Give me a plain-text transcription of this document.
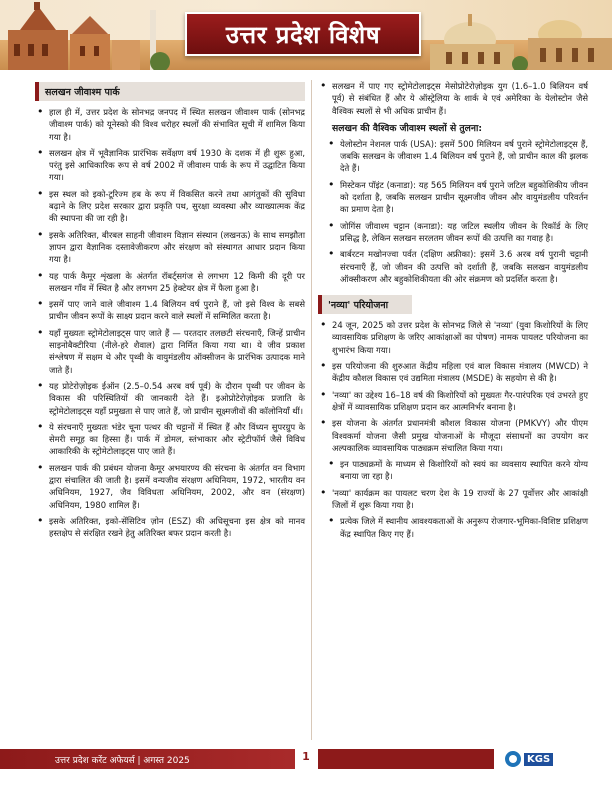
उत्तर प्रदेश विशेष
सलखन जीवाश्म पार्क
• हाल ही में, उत्तर प्रदेश के सोनभद्र जनपद में स्थित सलखन जीवाश्म पार्क (सोनभद्र जीवाश्म पार्क) को यूनेस्को की विश्व धरोहर स्थलों की संभावित सूची में शामिल किया गया है।
• सलखन क्षेत्र में भूवैज्ञानिक प्रारंभिक सर्वेक्षण वर्ष 1930 के दशक में ही शुरू हुआ, परंतु इसे आधिकारिक रूप से वर्ष 2002 में जीवाश्म पार्क के रूप में उद्घाटित किया गया।
• इस स्थल को इको-टूरिज्म हब के रूप में विकसित करने तथा आगंतुकों की सुविधा बढ़ाने के लिए प्रदेश सरकार द्वारा प्रकृति पथ, सुरक्षा व्यवस्था और व्याख्यात्मक केंद्र की स्थापना की जा रही है।
• इसके अतिरिक्त, बीरबल साहनी जीवाश्म विज्ञान संस्थान (लखनऊ) के साथ समझौता ज्ञापन द्वारा वैज्ञानिक दस्तावेजीकरण और संरक्षण को संस्थागत आधार प्रदान किया गया है।
• यह पार्क कैमूर शृंखला के अंतर्गत रॉबर्ट्सगंज से लगभग 12 किमी की दूरी पर सलखन गाँव में स्थित है और लगभग 25 हेक्टेयर क्षेत्र में फैला हुआ है।
• इसमें पाए जाने वाले जीवाश्म 1.4 बिलियन वर्ष पुराने हैं, जो इसे विश्व के सबसे प्राचीन जीवन रूपों के साक्ष्य प्रदान करने वाले स्थलों में सम्मिलित करता है।
• यहाँ मुख्यतः स्ट्रोमेटोलाइट्स पाए जाते हैं — परतदार तलछटी संरचनाएँ, जिन्हें प्राचीन साइनोबैक्टीरिया (नीले-हरे शैवाल) द्वारा निर्मित किया गया था। ये जीव प्रकाश संश्लेषण में सक्षम थे और पृथ्वी के वायुमंडलीय ऑक्सीजन के प्रारंभिक उत्पादक माने जाते हैं।
• यह प्रोटेरोज़ोइक ईऑन (2.5–0.54 अरब वर्ष पूर्व) के दौरान पृथ्वी पर जीवन के विकास की परिस्थितियों की जानकारी देते हैं। इओप्रोटेरोज़ोइक प्रजाति के स्ट्रोमेटोलाइट्स यहाँ प्रमुखता से पाए जाते हैं, जो प्राचीन सूक्ष्मजीवों की कॉलोनियाँ थीं।
• ये संरचनाएँ मुख्यतः भंडेर चूना पत्थर की चट्टानों में स्थित हैं और विंध्यन सुपरग्रुप के सेमरी समूह का हिस्सा हैं। पार्क में डोमल, स्तंभाकार और स्ट्रेटीफॉर्म जैसे विविध आकारिकी के स्ट्रोमेटोलाइट्स पाए जाते हैं।
• सलखन पार्क की प्रबंधन योजना कैमूर अभयारण्य की संरचना के अंतर्गत वन विभाग द्वारा संचालित की जाती है। इसमें वन्यजीव संरक्षण अधिनियम, 1972, भारतीय वन अधिनियम, 1927, जैव विविधता अधिनियम, 2002, और वन (संरक्षण) अधिनियम, 1980 शामिल हैं।
• इसके अतिरिक्त, इको-सेंसिटिव ज़ोन (ESZ) की अधिसूचना इस क्षेत्र को मानव हस्तक्षेप से संरक्षित रखने हेतु अतिरिक्त बफर प्रदान करती है।
• सलखन में पाए गए स्ट्रोमेटोलाइट्स मेसोप्रोटेरोज़ोइक युग (1.6–1.0 बिलियन वर्ष पूर्व) से संबंधित हैं और ये ऑस्ट्रेलिया के शार्क बे एवं अमेरिका के येलोस्टोन जैसे वैश्विक स्थलों से भी अधिक प्राचीन हैं।
सलखन की वैश्विक जीवाश्म स्थलों से तुलना:
• येलोस्टोन नेशनल पार्क (USA): इसमें 500 मिलियन वर्ष पुराने स्ट्रोमेटोलाइट्स हैं, जबकि सलखन के जीवाश्म 1.4 बिलियन वर्ष पुराने हैं, जो प्राचीन काल की झलक देते हैं।
• मिस्टेकन पॉइंट (कनाडा): यह 565 मिलियन वर्ष पुराने जटिल बहुकोशिकीय जीवन को दर्शाता है, जबकि सलखन प्राचीन सूक्ष्मजीव जीवन और वायुमंडलीय परिवर्तन का प्रमाण देता है।
• जोगिंस जीवाश्म चट्टान (कनाडा): यह जटिल स्थलीय जीवन के रिकॉर्ड के लिए प्रसिद्ध है, लेकिन सलखन सरलतम जीवन रूपों की उत्पत्ति का गवाह है।
• बार्बरटन मखोनज्वा पर्वत (दक्षिण अफ्रीका): इसमें 3.6 अरब वर्ष पुरानी चट्टानी संरचनाएँ हैं, जो जीवन की उत्पत्ति को दर्शाती हैं, जबकि सलखन वायुमंडलीय ऑक्सीकरण और बहुकोशिकीयता की ओर संक्रमण को प्रदर्शित करता है।
'नव्या' परियोजना
• 24 जून, 2025 को उत्तर प्रदेश के सोनभद्र जिले से 'नव्या' (युवा किशोरियों के लिए व्यावसायिक प्रशिक्षण के जरिए आकांक्षाओं का पोषण) नामक पायलट परियोजना का शुभारंभ किया गया।
• इस परियोजना की शुरुआत केंद्रीय महिला एवं बाल विकास मंत्रालय (MWCD) ने केंद्रीय कौशल विकास एवं उद्यमिता मंत्रालय (MSDE) के सहयोग से की है।
• 'नव्या' का उद्देश्य 16–18 वर्ष की किशोरियों को मुख्यतः गैर-पारंपरिक एवं उभरते हुए क्षेत्रों में व्यावसायिक प्रशिक्षण प्रदान कर आत्मनिर्भर बनाना है।
• इस योजना के अंतर्गत प्रधानमंत्री कौशल विकास योजना (PMKVY) और पीएम विश्वकर्मा योजना जैसी प्रमुख योजनाओं के मौजूदा संसाधनों का उपयोग कर अल्पकालिक व्यावसायिक पाठ्यक्रम संचालित किया गया।
• इन पाठ्यक्रमों के माध्यम से किशोरियों को स्वयं का व्यवसाय स्थापित करने योग्य बनाया जा रहा है।
• 'नव्या' कार्यक्रम का पायलट चरण देश के 19 राज्यों के 27 पूर्वोत्तर और आकांक्षी जिलों में शुरू किया गया है।
• प्रत्येक जिले में स्थानीय आवश्यकताओं के अनुरूप रोजगार-भूमिका-विशिष्ट प्रशिक्षण केंद्र स्थापित किए गए हैं।
उत्तर प्रदेश करेंट अफेयर्स | अगस्त 2025	1	KGS
